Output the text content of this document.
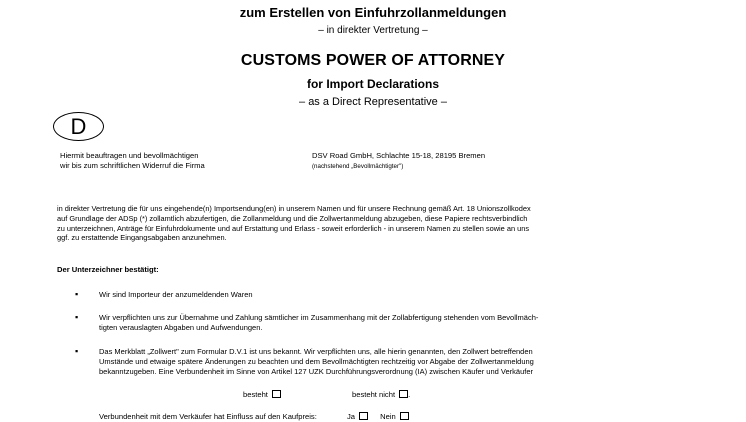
zum Erstellen von Einfuhrzollanmeldungen
– in direkter Vertretung –
CUSTOMS POWER OF ATTORNEY
for Import Declarations
– as a Direct Representative –
D
Hiermit beauftragen und bevollmächtigen
wir bis zum schriftlichen Widerruf die Firma
DSV Road GmbH, Schlachte 15-18, 28195 Bremen
(nachstehend „Bevollmächtigter")
in direkter Vertretung die für uns eingehende(n) Importsendung(en) in unserem Namen und für unsere Rechnung gemäß Art. 18 Unionszollkodex
auf Grundlage der ADSp (*) zollamtlich abzufertigen, die Zollanmeldung und die Zollwertanmeldung abzugeben, diese Papiere rechtsverbindlich
zu unterzeichnen, Anträge für Einfuhrdokumente und auf Erstattung und Erlass - soweit erforderlich - in unserem Namen zu stellen sowie an uns
ggf. zu erstattende Eingangsabgaben anzunehmen.
Der Unterzeichner bestätigt:
▪	Wir sind Importeur der anzumeldenden Waren
▪	Wir verpflichten uns zur Übernahme und Zahlung sämtlicher im Zusammenhang mit der Zollabfertigung stehenden vom Bevollmäch-
tigten verauslagten Abgaben und Aufwendungen.
▪	Das Merkblatt „Zollwert" zum Formular D.V.1 ist uns bekannt. Wir verpflichten uns, alle hierin genannten, den Zollwert betreffenden
Umstände und etwaige spätere Änderungen zu beachten und dem Bevollmächtigten rechtzeitig vor Abgabe der Zollwertanmeldung
bekanntzugeben. Eine Verbundenheit im Sinne von Artikel 127 UZK Durchführungsverordnung (IA) zwischen Käufer und Verkäufer
besteht	besteht nicht .
Verbundenheit mit dem Verkäufer hat Einfluss auf den Kaufpreis:	Ja	Nein
